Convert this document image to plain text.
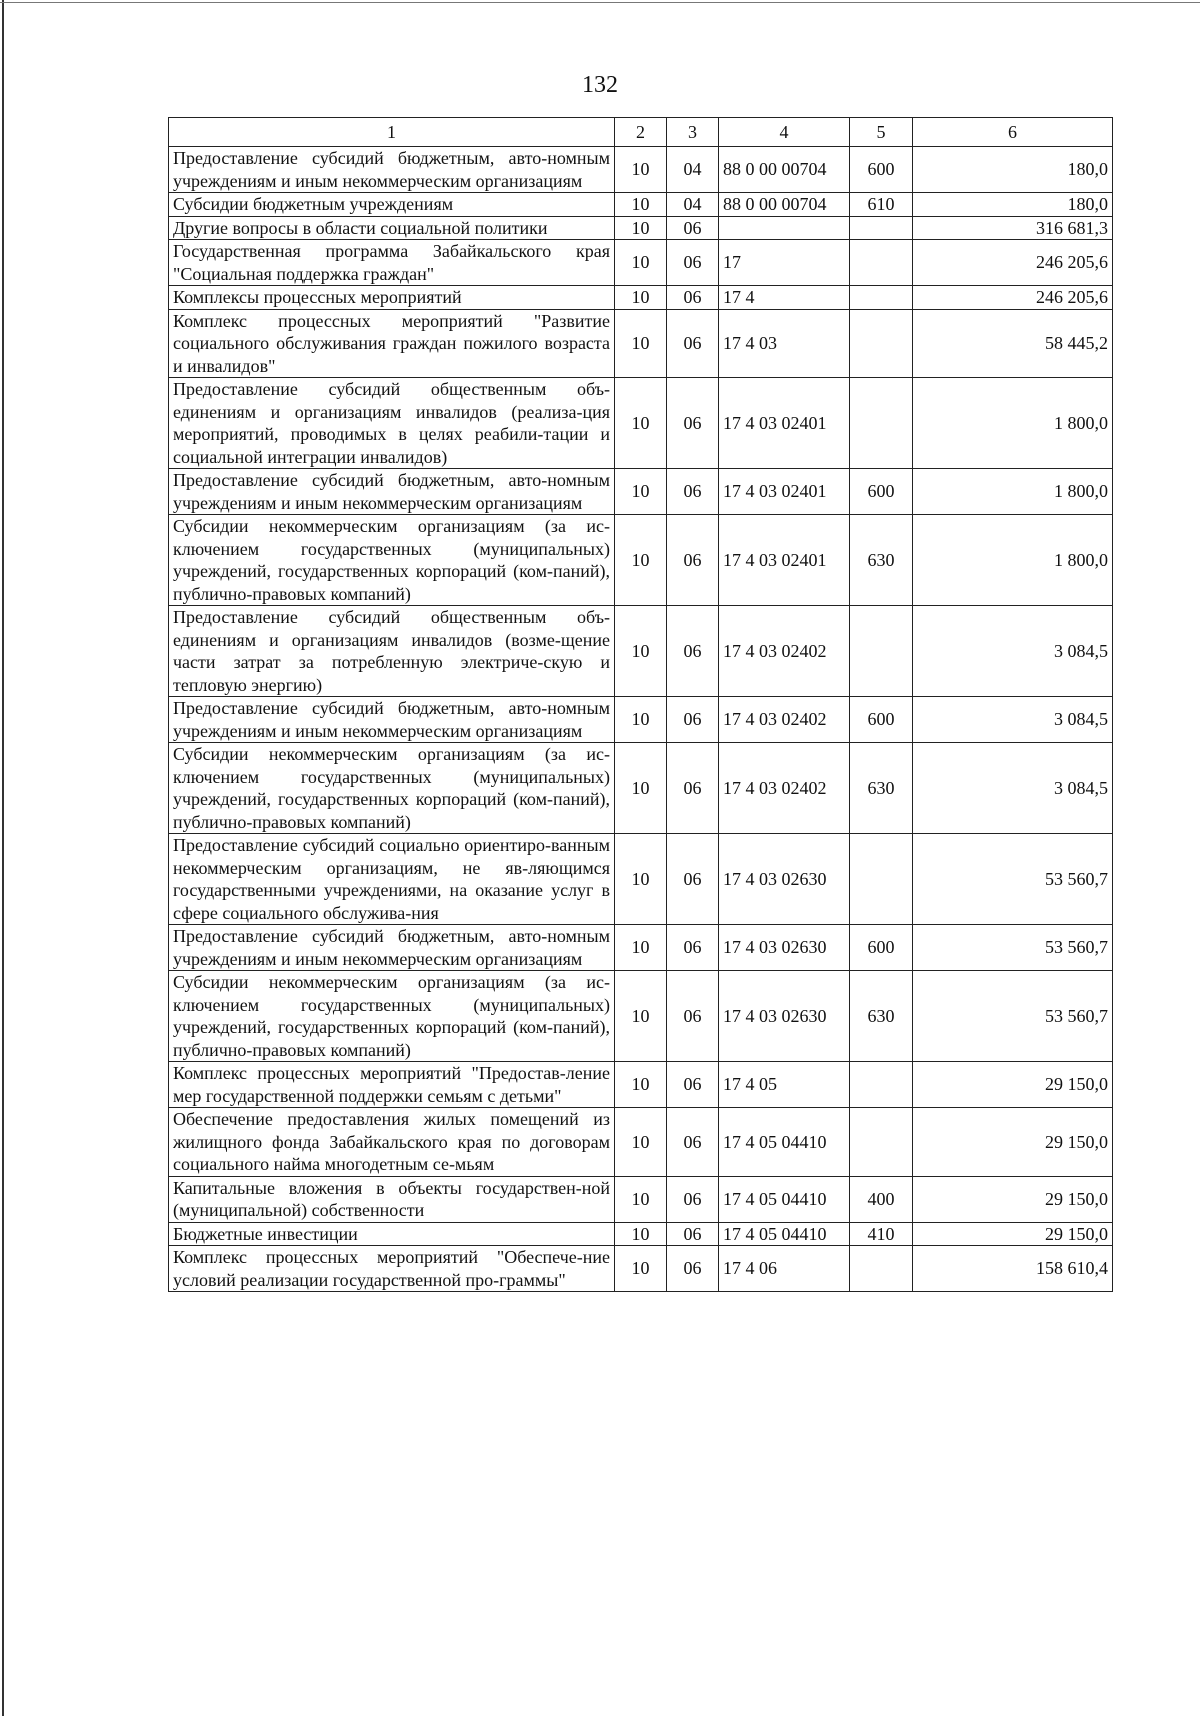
132
1	2	3	4	5	6
Предоставление субсидий бюджетным, авто-номным учреждениям и иным некоммерческим организациям	10	04	88 0 00 00704	600	180,0
Субсидии бюджетным учреждениям	10	04	88 0 00 00704	610	180,0
Другие вопросы в области социальной политики	10	06			316 681,3
Государственная программа Забайкальского края "Социальная поддержка граждан"	10	06	17		246 205,6
Комплексы процессных мероприятий	10	06	17 4		246 205,6
Комплекс процессных мероприятий "Развитие социального обслуживания граждан пожилого возраста и инвалидов"	10	06	17 4 03		58 445,2
Предоставление субсидий общественным объ-единениям и организациям инвалидов (реализа-ция мероприятий, проводимых в целях реабили-тации и социальной интеграции инвалидов)	10	06	17 4 03 02401		1 800,0
Предоставление субсидий бюджетным, авто-номным учреждениям и иным некоммерческим организациям	10	06	17 4 03 02401	600	1 800,0
Субсидии некоммерческим организациям (за ис-ключением государственных (муниципальных) учреждений, государственных корпораций (ком-паний), публично-правовых компаний)	10	06	17 4 03 02401	630	1 800,0
Предоставление субсидий общественным объ-единениям и организациям инвалидов (возме-щение части затрат за потребленную электриче-скую и тепловую энергию)	10	06	17 4 03 02402		3 084,5
Предоставление субсидий бюджетным, авто-номным учреждениям и иным некоммерческим организациям	10	06	17 4 03 02402	600	3 084,5
Субсидии некоммерческим организациям (за ис-ключением государственных (муниципальных) учреждений, государственных корпораций (ком-паний), публично-правовых компаний)	10	06	17 4 03 02402	630	3 084,5
Предоставление субсидий социально ориентиро-ванным некоммерческим организациям, не яв-ляющимся государственными учреждениями, на оказание услуг в сфере социального обслужива-ния	10	06	17 4 03 02630		53 560,7
Предоставление субсидий бюджетным, авто-номным учреждениям и иным некоммерческим организациям	10	06	17 4 03 02630	600	53 560,7
Субсидии некоммерческим организациям (за ис-ключением государственных (муниципальных) учреждений, государственных корпораций (ком-паний), публично-правовых компаний)	10	06	17 4 03 02630	630	53 560,7
Комплекс процессных мероприятий "Предостав-ление мер государственной поддержки семьям с детьми"	10	06	17 4 05		29 150,0
Обеспечение предоставления жилых помещений из жилищного фонда Забайкальского края по договорам социального найма многодетным се-мьям	10	06	17 4 05 04410		29 150,0
Капитальные вложения в объекты государствен-ной (муниципальной) собственности	10	06	17 4 05 04410	400	29 150,0
Бюджетные инвестиции	10	06	17 4 05 04410	410	29 150,0
Комплекс процессных мероприятий "Обеспече-ние условий реализации государственной про-граммы"	10	06	17 4 06		158 610,4
